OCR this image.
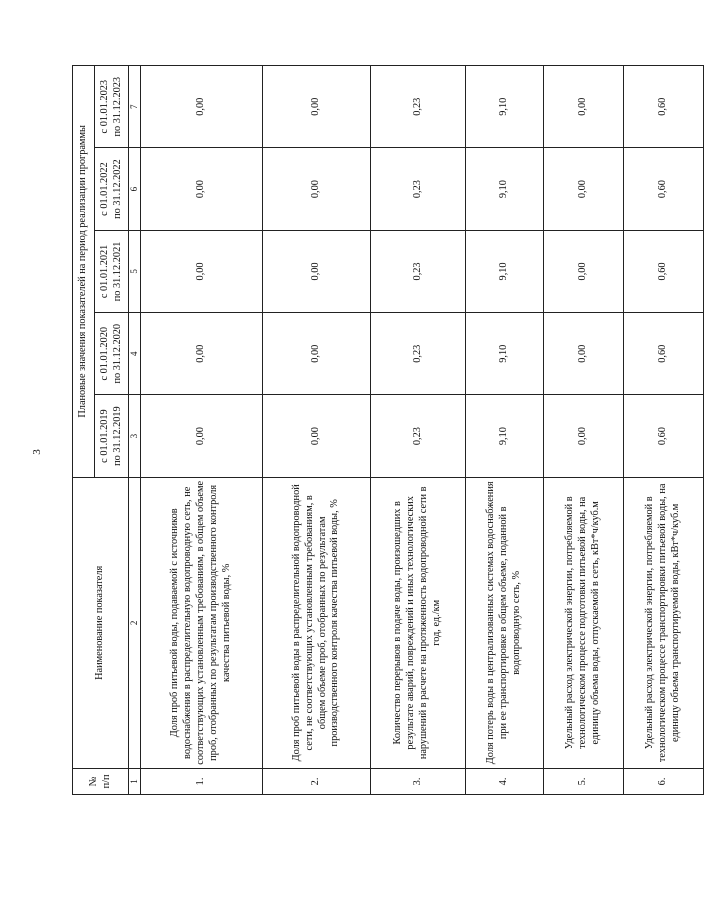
3
№ п/п	Наименование показателя	Плановые значения показателей на период реализации программы				

		с 01.01.2019 по 31.12.2019	с 01.01.2020 по 31.12.2020	с 01.01.2021 по 31.12.2021	с 01.01.2022 по 31.12.2022	с 01.01.2023 по 31.12.2023

1	2	3	4	5	6	7
1.	Доля проб питьевой воды, подаваемой с источников водоснабжения в распределительную водопроводную сеть, не соответствующих установленным требованиям, в общем объеме проб, отобранных по результатам производственного контроля качества питьевой воды, %	0,00	0,00	0,00	0,00	0,00
2.	Доля проб питьевой воды в распределительной водопроводной сети, не соответствующих установленным требованиям, в общем объеме проб, отобранных по результатам производственного контроля качества питьевой воды, %	0,00	0,00	0,00	0,00	0,00
3.	Количество перерывов в подаче воды, произошедших в результате аварий, повреждений и иных технологических нарушений в расчете на протяженность водопроводной сети в год, ед./км	0,23	0,23	0,23	0,23	0,23
4.	Доля потерь воды в централизованных системах водоснабжения при ее транспортировке в общем объеме, поданной в водопроводную сеть, %	9,10	9,10	9,10	9,10	9,10
5.	Удельный расход электрической энергии, потребляемой в технологическом процессе подготовки питьевой воды, на единицу объема воды, отпускаемой в сеть, кВт*ч/куб.м	0,00	0,00	0,00	0,00	0,00
6.	Удельный расход электрической энергии, потребляемой в технологическом процессе транспортировки питьевой воды, на единицу объема транспортируемой воды, кВт*ч/куб.м	0,60	0,60	0,60	0,60	0,60
